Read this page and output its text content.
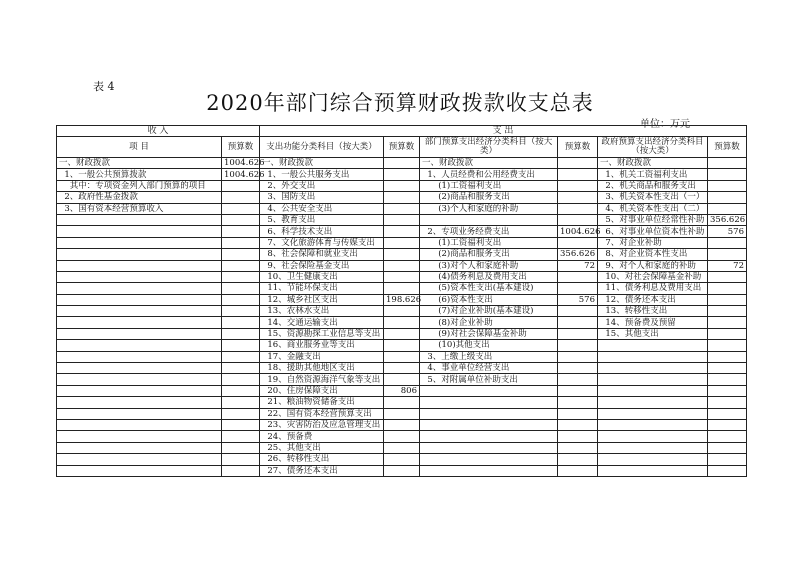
表 4
2020年部门综合预算财政拨款收支总表
单位：万元
收 入		支 出					
项 目	预算数	支出功能分类科目（按大类）	预算数	部门预算支出经济分类科目（按大类）	预算数	政府预算支出经济分类科目（按大类）	预算数
一、财政拨款	1004.626	一、财政拨款		一、财政拨款		一、财政拨款	
1、一般公共预算拨款	1004.626	1、一般公共服务支出		1、人员经费和公用经费支出		1、机关工资福利支出	
其中：专项资金列入部门预算的项目		2、外交支出		(1)工资福利支出		2、机关商品和服务支出	
2、政府性基金拨款		3、国防支出		(2)商品和服务支出		3、机关资本性支出（一）	
3、国有资本经营预算收入		4、公共安全支出		(3)个人和家庭的补助		4、机关资本性支出（二）	
		5、教育支出				5、对事业单位经常性补助	356.626
		6、科学技术支出		2、专项业务经费支出	1004.626	6、对事业单位资本性补助	576
		7、文化旅游体育与传媒支出		(1)工资福利支出		7、对企业补助	
		8、社会保障和就业支出		(2)商品和服务支出	356.626	8、对企业资本性支出	
		9、社会保险基金支出		(3)对个人和家庭补助	72	9、对个人和家庭的补助	72
		10、卫生健康支出		(4)债务利息及费用支出		10、对社会保障基金补助	
		11、节能环保支出		(5)资本性支出(基本建设)		11、债务利息及费用支出	
		12、城乡社区支出	198.626	(6)资本性支出	576	12、债务还本支出	
		13、农林水支出		(7)对企业补助(基本建设)		13、转移性支出	
		14、交通运输支出		(8)对企业补助		14、预备费及预留	
		15、资源勘探工业信息等支出		(9)对社会保障基金补助		15、其他支出	
		16、商业服务业等支出		(10)其他支出			
		17、金融支出		3、上缴上级支出			
		18、援助其他地区支出		4、事业单位经营支出			
		19、自然资源海洋气象等支出		5、对附属单位补助支出			
		20、住房保障支出	806				
		21、粮油物资储备支出					
		22、国有资本经营预算支出					
		23、灾害防治及应急管理支出					
		24、预备费					
		25、其他支出					
		26、转移性支出					
		27、债务还本支出					
